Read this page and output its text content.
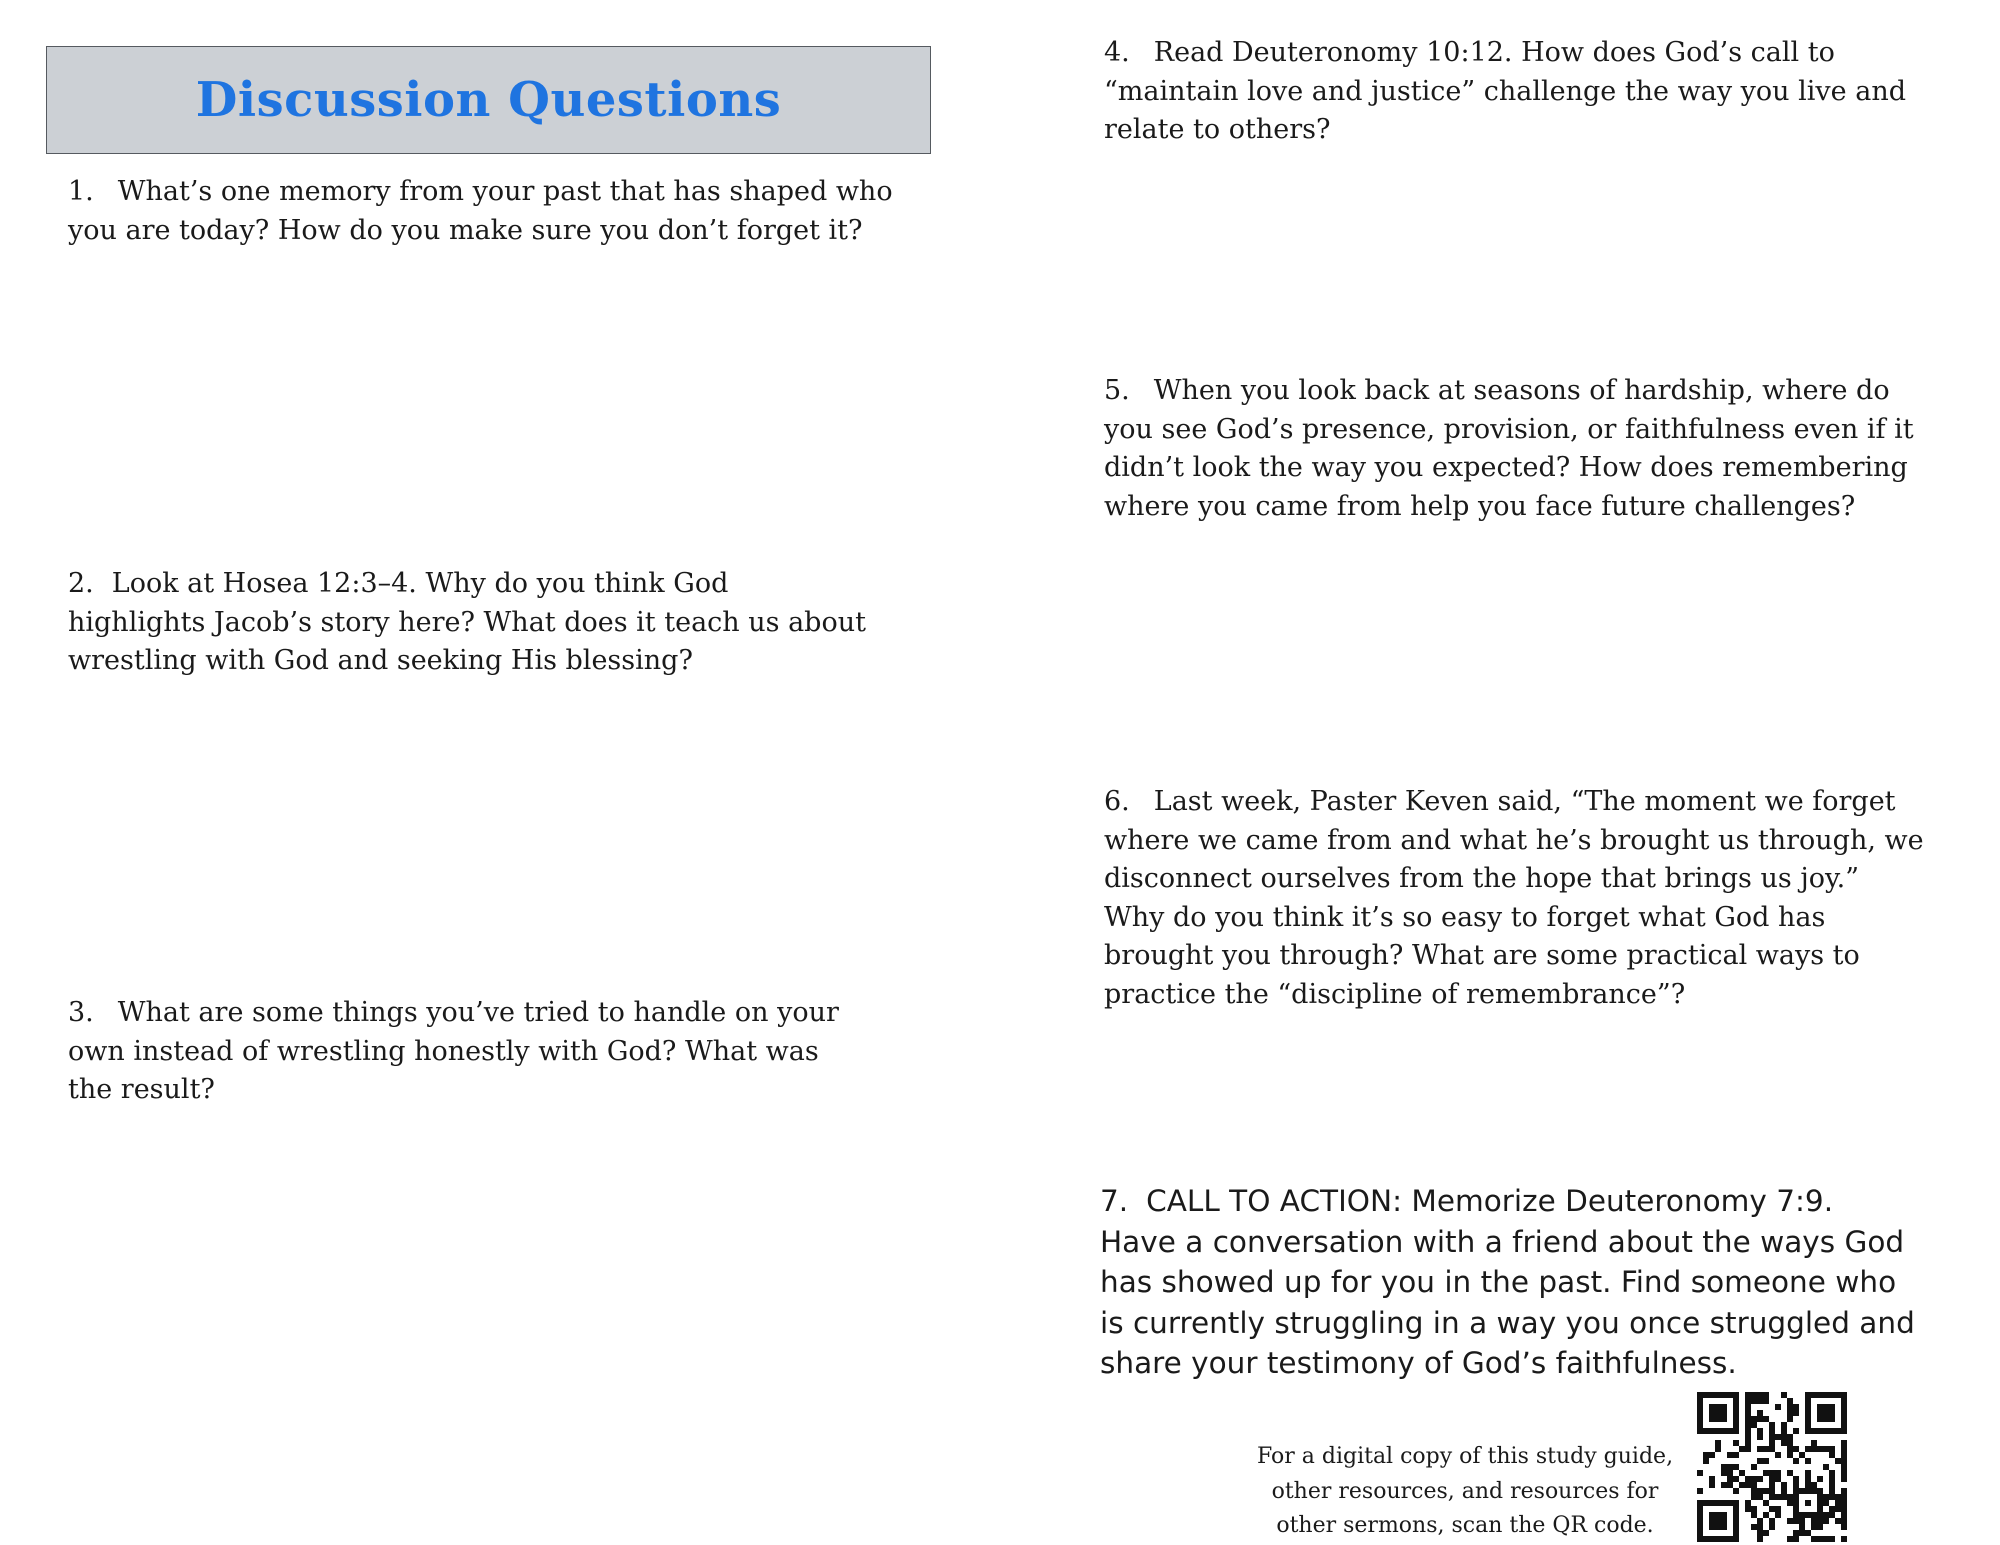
Discussion Questions
1. What’s one memory from your past that has shaped who
you are today? How do you make sure you don’t forget it?
2. Look at Hosea 12:3–4. Why do you think God
highlights Jacob’s story here? What does it teach us about
wrestling with God and seeking His blessing?
3. What are some things you’ve tried to handle on your
own instead of wrestling honestly with God? What was
the result?
4. Read Deuteronomy 10:12. How does God’s call to
“maintain love and justice” challenge the way you live and
relate to others?
5. When you look back at seasons of hardship, where do
you see God’s presence, provision, or faithfulness even if it
didn’t look the way you expected? How does remembering
where you came from help you face future challenges?
6. Last week, Paster Keven said, “The moment we forget
where we came from and what he’s brought us through, we
disconnect ourselves from the hope that brings us joy.”
Why do you think it’s so easy to forget what God has
brought you through? What are some practical ways to
practice the “discipline of remembrance”?
7. CALL TO ACTION: Memorize Deuteronomy 7:9.
Have a conversation with a friend about the ways God
has showed up for you in the past. Find someone who
is currently struggling in a way you once struggled and
share your testimony of God’s faithfulness.
For a digital copy of this study guide,
other resources, and resources for
other sermons, scan the QR code.
